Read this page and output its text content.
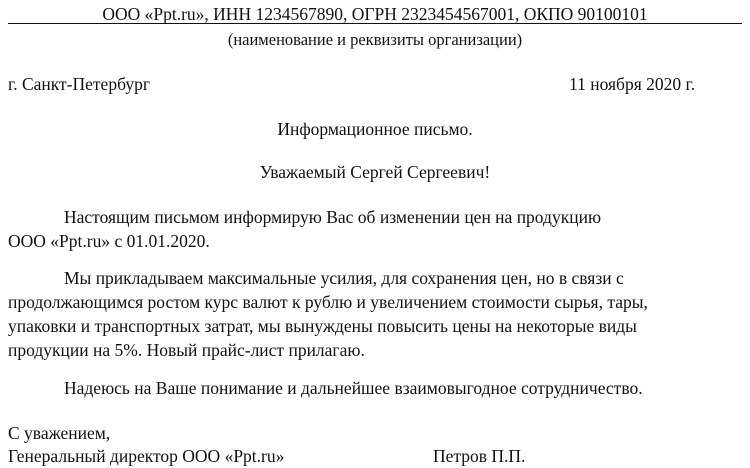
ООО «Ppt.ru», ИНН 1234567890, ОГРН 2323454567001, ОКПО 90100101
(наименование и реквизиты организации)
г. Санкт-Петербург	11 ноября 2020 г.
Информационное письмо.
Уважаемый Сергей Сергеевич!
Настоящим письмом информирую Вас об изменении цен на продукцию
ООО «Ppt.ru» с 01.01.2020.
Мы прикладываем максимальные усилия, для сохранения цен, но в связи с
продолжающимся ростом курс валют к рублю и увеличением стоимости сырья, тары,
упаковки и транспортных затрат, мы вынуждены повысить цены на некоторые виды
продукции на 5%. Новый прайс-лист прилагаю.
Надеюсь на Ваше понимание и дальнейшее взаимовыгодное сотрудничество.
С уважением,
Генеральный директор ООО «Ppt.ru»	Петров П.П.
